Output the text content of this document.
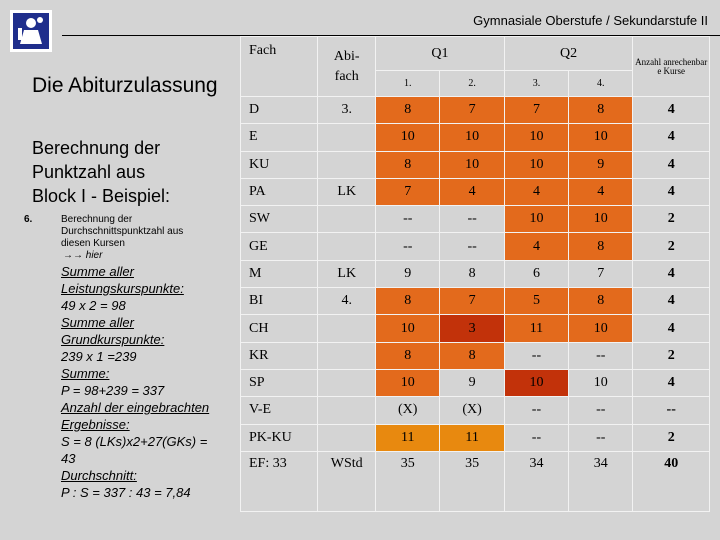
Gymnasiale Oberstufe / Sekundarstufe II
Die Abiturzulassung
Berechnung der
Punktzahl aus
Block I - Beispiel:
6.	Berechnung der
Durchschnittspunktzahl aus
diesen Kursen
→→ hier
Summe aller
Leistungskurspunkte:
49 x 2 = 98
Summe aller
Grundkurspunkte:
239 x 1 =239
Summe:
P = 98+239 = 337
Anzahl der eingebrachten
Ergebnisse:
S = 8 (LKs)x2+27(GKs) =
43
Durchschnitt:
P : S = 337 : 43 = 7,84
Fach	Abi-
fach	Q1		Q2		Anzahl anrechenbar e Kurse
		1.	2.	3.	4.	
D	3.	8	7	7	8	4
E		10	10	10	10	4
KU		8	10	10	9	4
PA	LK	7	4	4	4	4
SW		--	--	10	10	2
GE		--	--	4	8	2
M	LK	9	8	6	7	4
BI	4.	8	7	5	8	4
CH		10	3	11	10	4
KR		8	8	--	--	2
SP		10	9	10	10	4
V-E		(X)	(X)	--	--	--
PK-KU		11	11	--	--	2
EF: 33	WStd	35	35	34	34	40
